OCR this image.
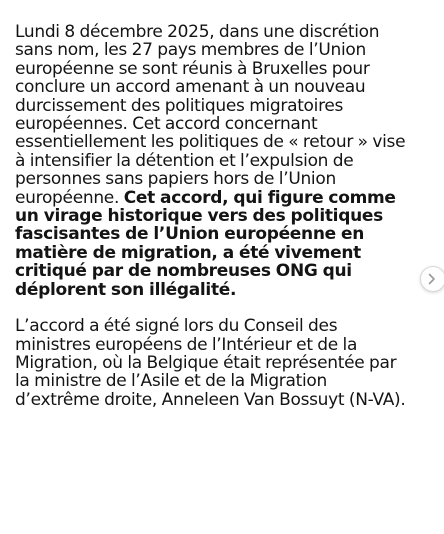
Lundi 8 décembre 2025, dans une discrétion sans nom, les 27 pays membres de l’Union européenne se sont réunis à Bruxelles pour conclure un accord amenant à un nouveau durcissement des politiques migratoires européennes. Cet accord concernant essentiellement les politiques de « retour » vise à intensifier la détention et l’expulsion de personnes sans papiers hors de l’Union européenne. Cet accord, qui figure comme un virage historique vers des politiques fascisantes de l’Union européenne en matière de migration, a été vivement critiqué par de nombreuses ONG qui déplorent son illégalité.

L’accord a été signé lors du Conseil des ministres européens de l’Intérieur et de la Migration, où la Belgique était représentée par la ministre de l’Asile et de la Migration d’extrême droite, Anneleen Van Bossuyt (N-VA).
